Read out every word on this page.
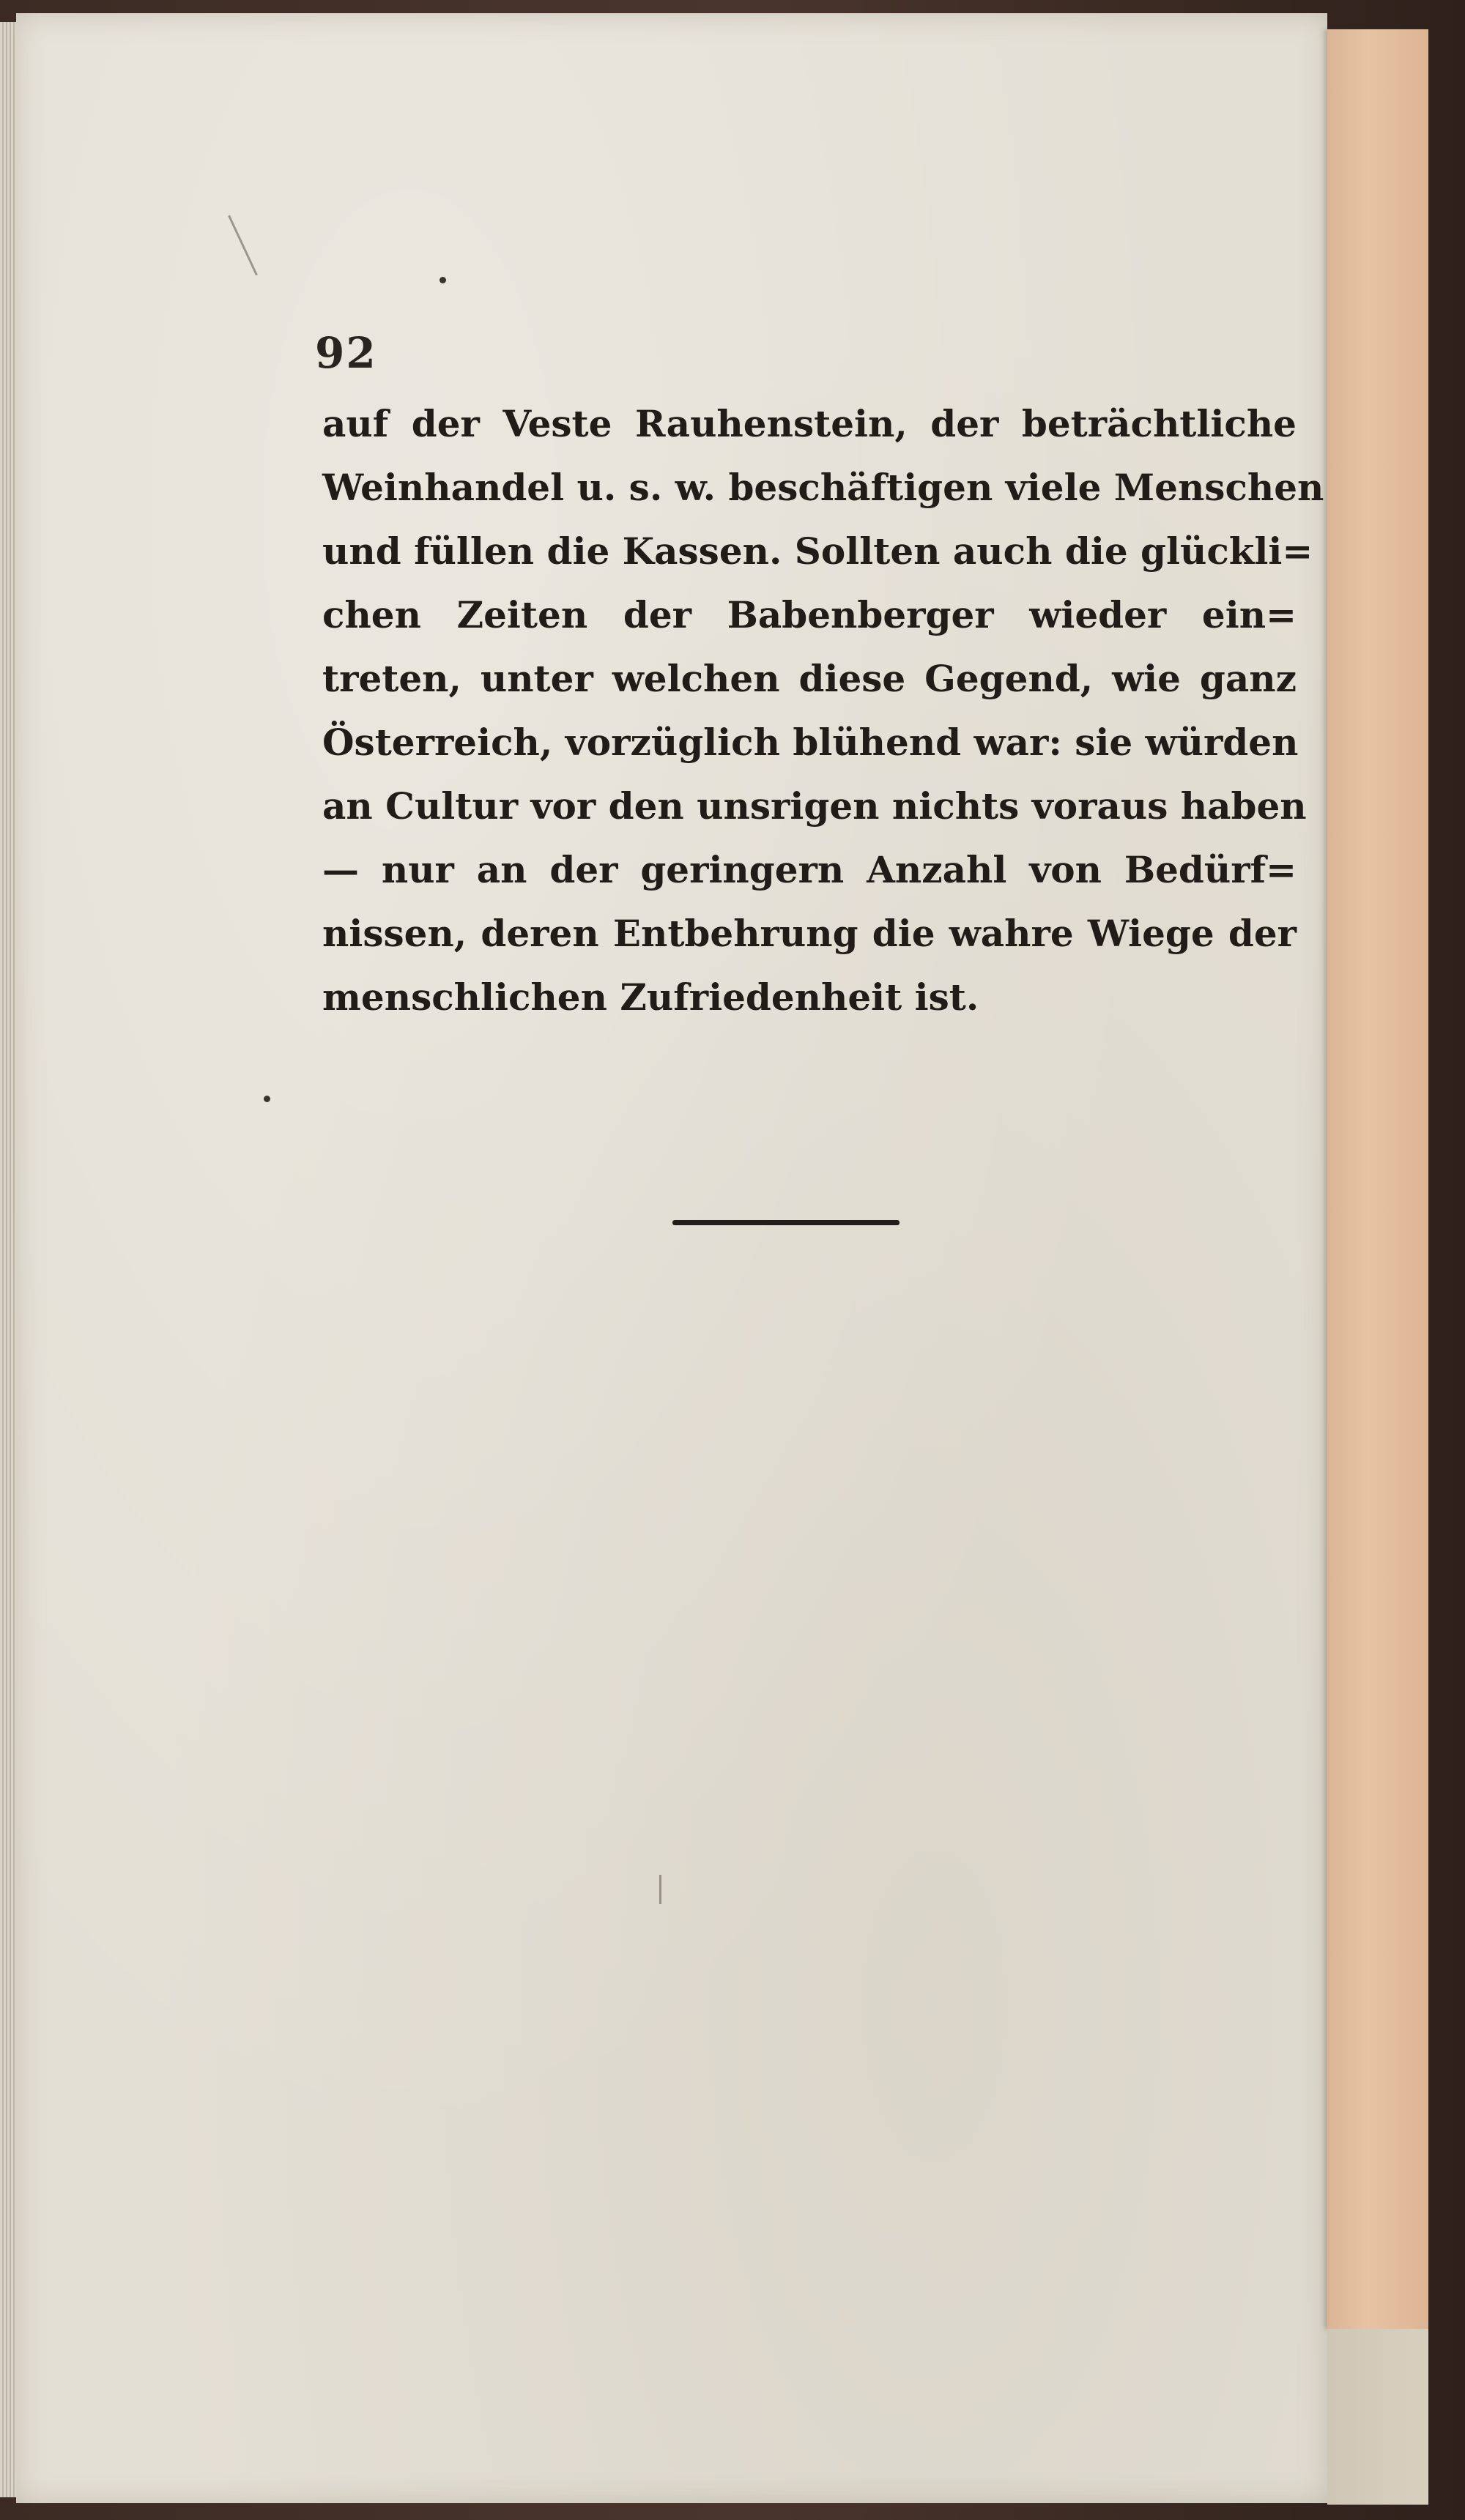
92
auf der Veste Rauhenstein, der beträchtliche
Weinhandel u. s. w. beschäftigen viele Menschen
und füllen die Kassen. Sollten auch die glückli=
chen Zeiten der Babenberger wieder ein=
treten, unter welchen diese Gegend, wie ganz
Österreich, vorzüglich blühend war: sie würden
an Cultur vor den unsrigen nichts voraus haben
— nur an der geringern Anzahl von Bedürf=
nissen, deren Entbehrung die wahre Wiege der
menschlichen Zufriedenheit ist.
